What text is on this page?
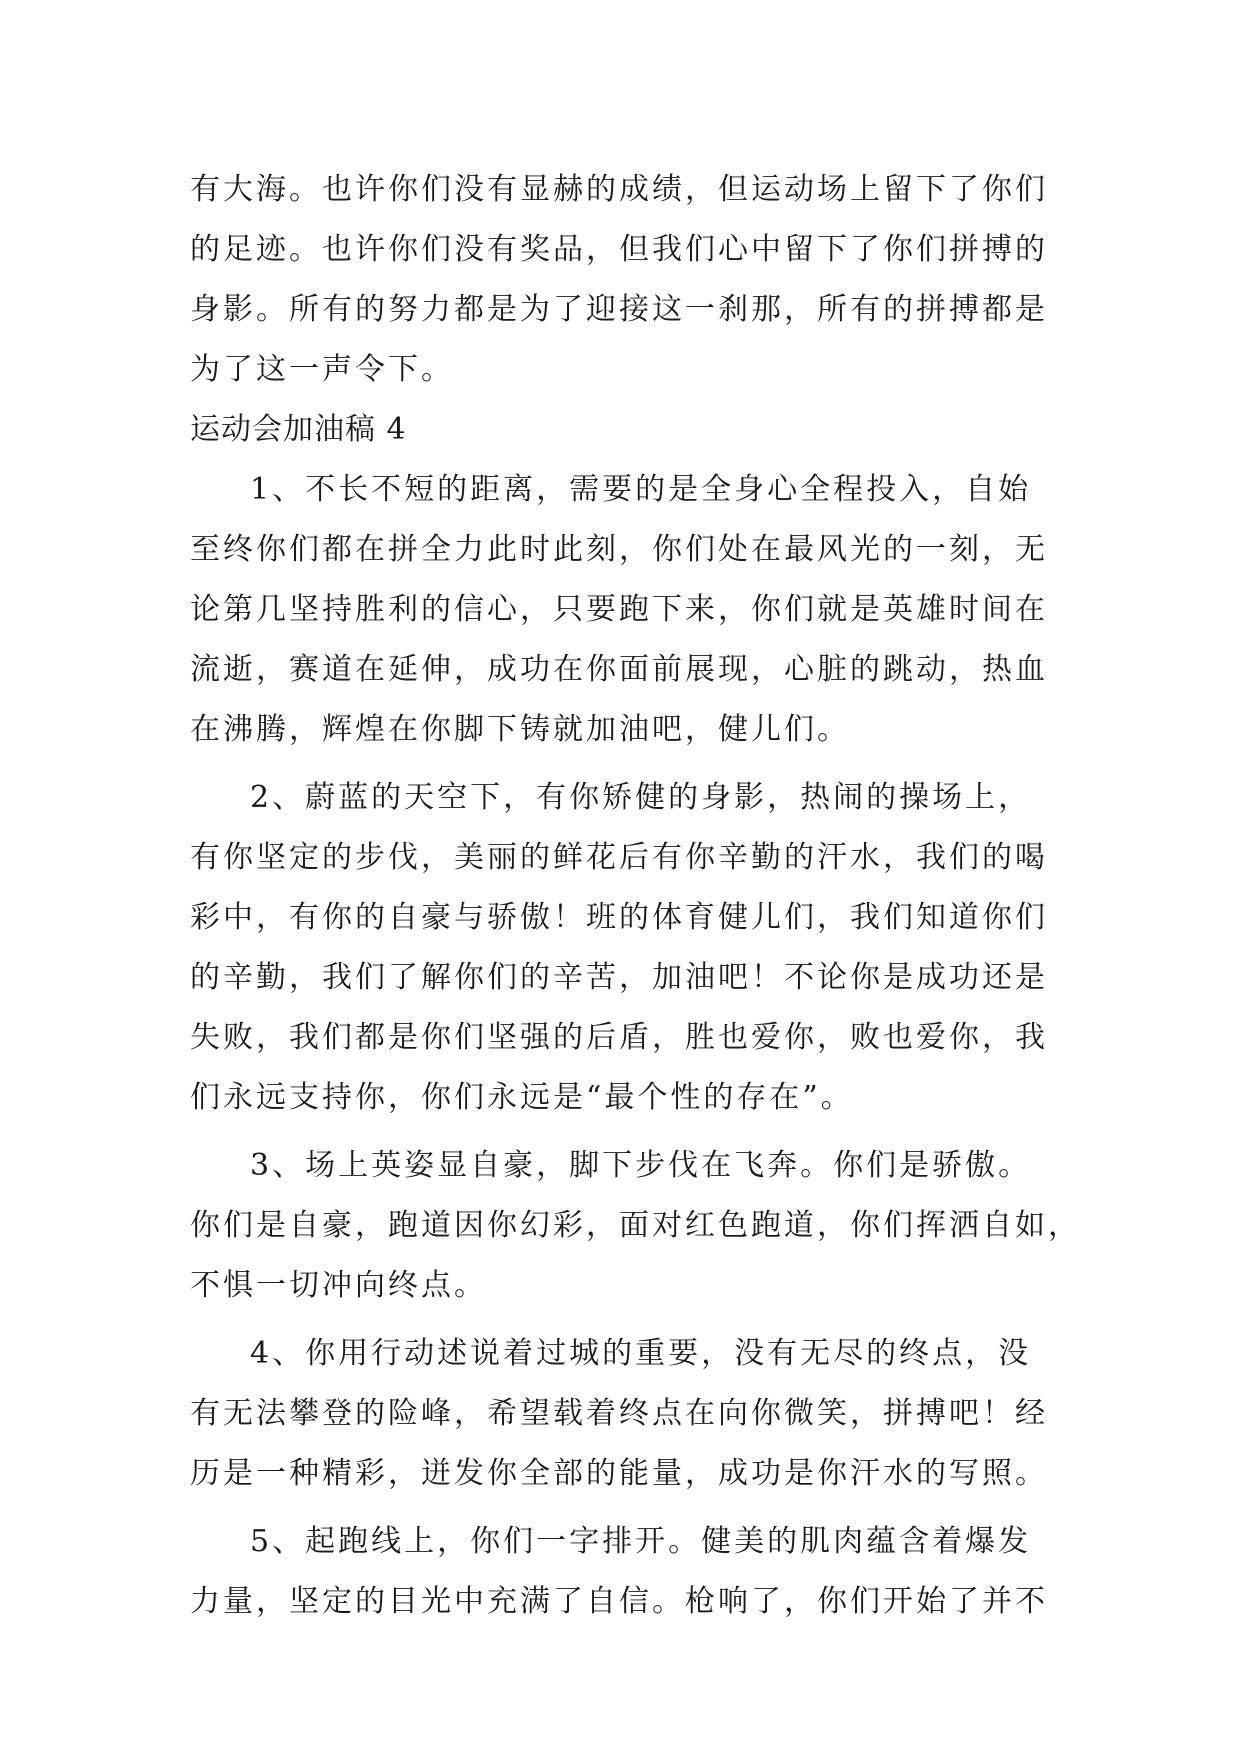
有大海。也许你们没有显赫的成绩，但运动场上留下了你们
的足迹。也许你们没有奖品，但我们心中留下了你们拼搏的
身影。所有的努力都是为了迎接这一刹那，所有的拼搏都是
为了这一声令下。
运动会加油稿 4
1、不长不短的距离，需要的是全身心全程投入，自始
至终你们都在拼全力此时此刻，你们处在最风光的一刻，无
论第几坚持胜利的信心，只要跑下来，你们就是英雄时间在
流逝，赛道在延伸，成功在你面前展现，心脏的跳动，热血
在沸腾，辉煌在你脚下铸就加油吧，健儿们。
2、蔚蓝的天空下，有你矫健的身影，热闹的操场上，
有你坚定的步伐，美丽的鲜花后有你辛勤的汗水，我们的喝
彩中，有你的自豪与骄傲！班的体育健儿们，我们知道你们
的辛勤，我们了解你们的辛苦，加油吧！不论你是成功还是
失败，我们都是你们坚强的后盾，胜也爱你，败也爱你，我
们永远支持你，你们永远是“最个性的存在”。
3、场上英姿显自豪，脚下步伐在飞奔。你们是骄傲。
你们是自豪，跑道因你幻彩，面对红色跑道，你们挥洒自如，
不惧一切冲向终点。
4、你用行动述说着过城的重要，没有无尽的终点，没
有无法攀登的险峰，希望载着终点在向你微笑，拼搏吧！经
历是一种精彩，迸发你全部的能量，成功是你汗水的写照。
5、起跑线上，你们一字排开。健美的肌肉蕴含着爆发
力量，坚定的目光中充满了自信。枪响了，你们开始了并不
